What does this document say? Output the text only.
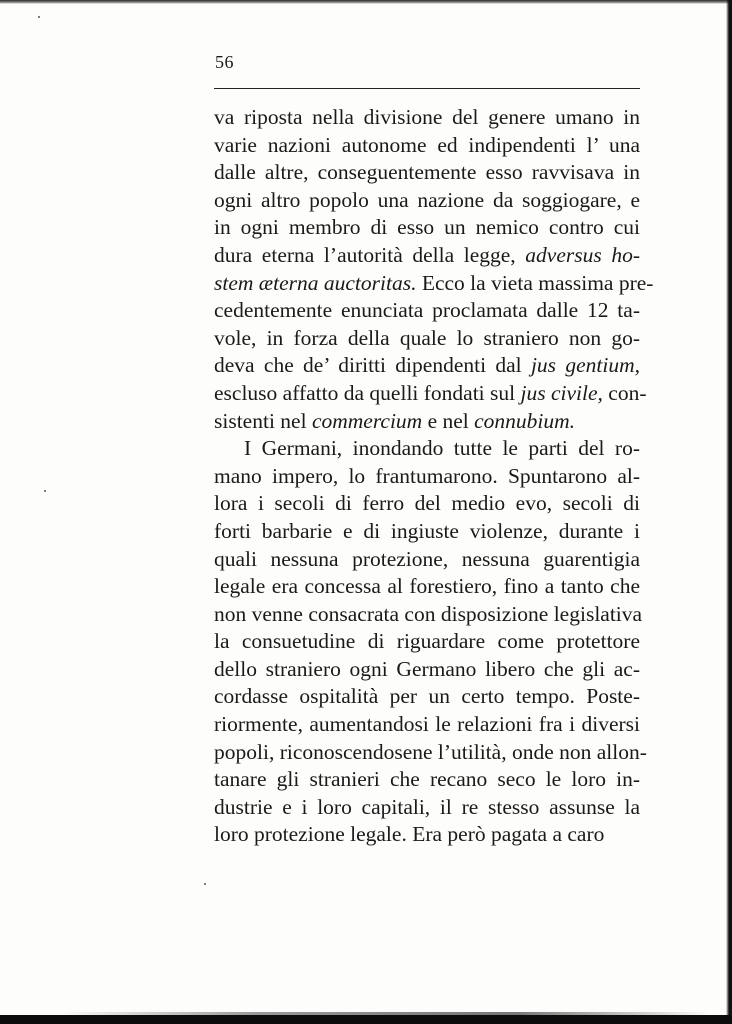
56
va riposta nella divisione del genere umano in
varie nazioni autonome ed indipendenti l’ una
dalle altre, conseguentemente esso ravvisava in
ogni altro popolo una nazione da soggiogare, e
in ogni membro di esso un nemico contro cui
dura eterna l’autorità della legge, adversus ho-
stem æterna auctoritas. Ecco la vieta massima pre-
cedentemente enunciata proclamata dalle 12 ta-
vole, in forza della quale lo straniero non go-
deva che de’ diritti dipendenti dal jus gentium,
escluso affatto da quelli fondati sul jus civile, con-
sistenti nel commercium e nel connubium.
I Germani, inondando tutte le parti del ro-
mano impero, lo frantumarono. Spuntarono al-
lora i secoli di ferro del medio evo, secoli di
forti barbarie e di ingiuste violenze, durante i
quali nessuna protezione, nessuna guarentigia
legale era concessa al forestiero, fino a tanto che
non venne consacrata con disposizione legislativa
la consuetudine di riguardare come protettore
dello straniero ogni Germano libero che gli ac-
cordasse ospitalità per un certo tempo. Poste-
riormente, aumentandosi le relazioni fra i diversi
popoli, riconoscendosene l’utilità, onde non allon-
tanare gli stranieri che recano seco le loro in-
dustrie e i loro capitali, il re stesso assunse la
loro protezione legale. Era però pagata a caro
